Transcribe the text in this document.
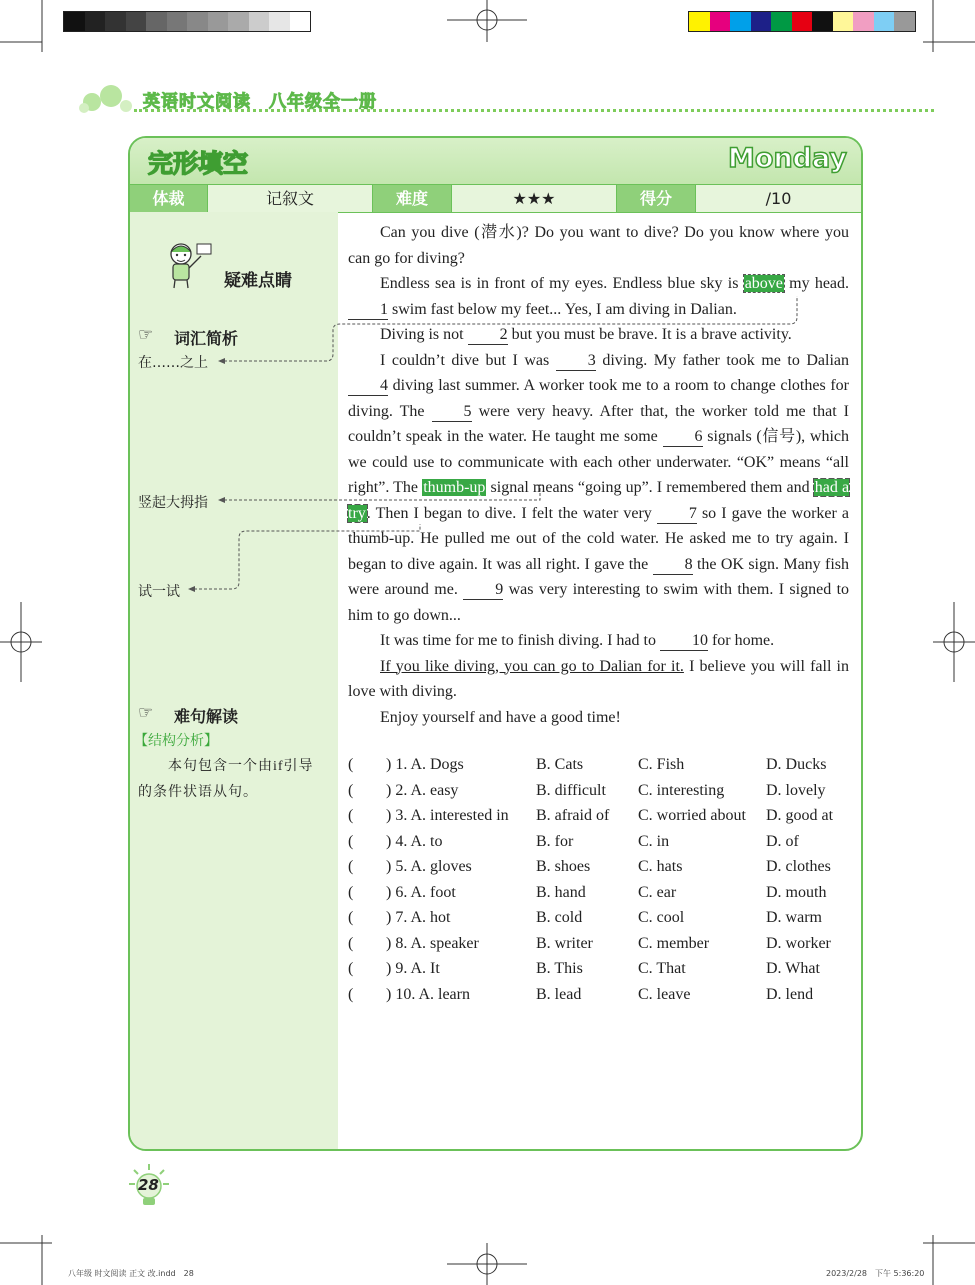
英语时文阅读　八年级全一册
完形填空	Monday
体裁	记叙文	难度	★★★	得分	/10
疑难点睛
☞ 词汇简析
在……之上
竖起大拇指
试一试
☞ 难句解读
【结构分析】
本句包含一个由if引导的条件状语从句。

Can you dive (潜水)? Do you want to dive? Do you know where you can go for diving?

Endless sea is in front of my eyes. Endless blue sky is above my head. 1 swim fast below my feet... Yes, I am diving in Dalian.

Diving is not 2 but you must be brave. It is a brave activity.

I couldn’t dive but I was 3 diving. My father took me to Dalian 4 diving last summer. A worker took me to a room to change clothes for diving. The 5 were very heavy. After that, the worker told me that I couldn’t speak in the water. He taught me some 6 signals (信号), which we could use to communicate with each other underwater. “OK” means “all right”. The thumb-up signal means “going up”. I remembered them and had a try. Then I began to dive. I felt the water very 7 so I gave the worker a thumb-up. He pulled me out of the cold water. He asked me to try again. I began to dive again. It was all right. I gave the 8 the OK sign. Many fish were around me. 9 was very interesting to swim with them. I signed to him to go down...

It was time for me to finish diving. I had to 10 for home.

If you like diving, you can go to Dalian for it. I believe you will fall in love with diving.

Enjoy yourself and have a good time!

( ) 1. A. Dogs	B. Cats	C. Fish	D. Ducks
( ) 2. A. easy	B. difficult C. interesting	D. lovely
( ) 3. A. interested in B. afraid of C. worried about D. good at
( ) 4. A. to	B. for	C. in	D. of
( ) 5. A. gloves	B. shoes	C. hats	D. clothes
( ) 6. A. foot	B. hand	C. ear	D. mouth
( ) 7. A. hot	B. cold	C. cool	D. warm
( ) 8. A. speaker	B. writer	C. member	D. worker
( ) 9. A. It	B. This	C. That	D. What
( ) 10. A. learn	B. lead	C. leave	D. lend
28
八年级 时文阅读 正文 改.indd　28	2023/2/28　下午 5:36:20
